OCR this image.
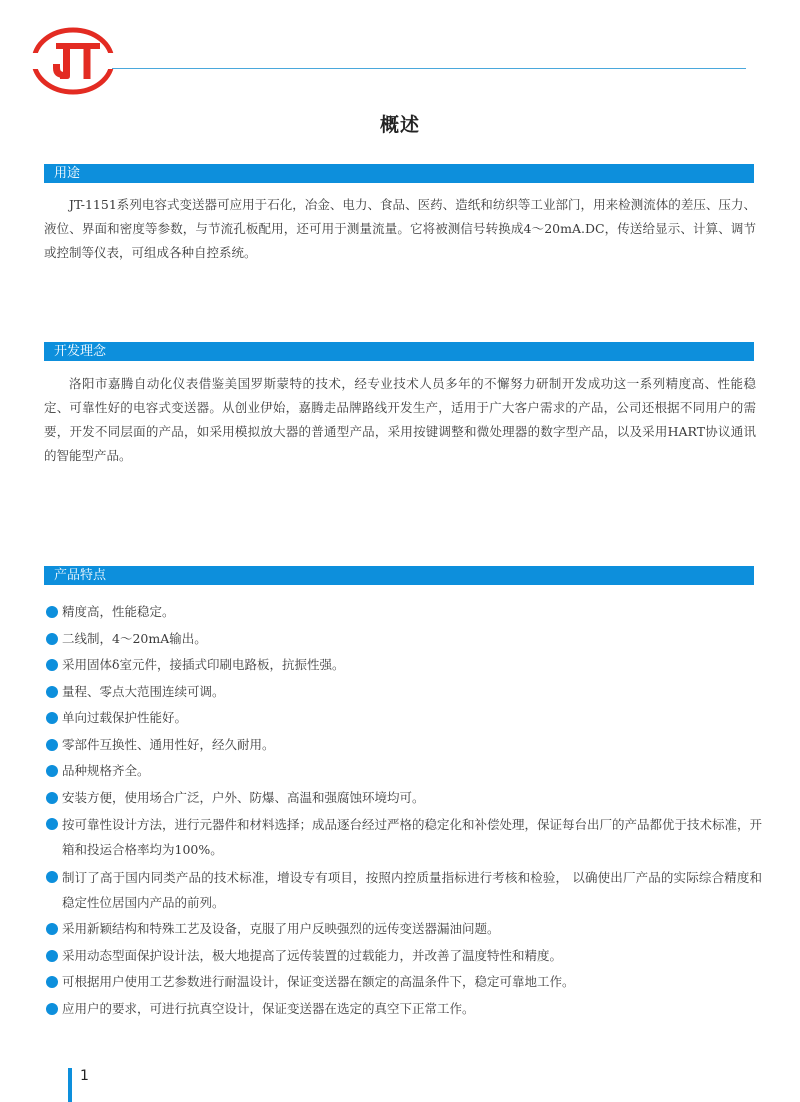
概述
用途
JT-1151系列电容式变送器可应用于石化，冶金、电力、食品、医药、造纸和纺织等工业部门，用来检测流体的差压、压力、液位、界面和密度等参数，与节流孔板配用，还可用于测量流量。它将被测信号转换成4～20mA.DC，传送给显示、计算、调节或控制等仪表，可组成各种自控系统。
开发理念
洛阳市嘉腾自动化仪表借鉴美国罗斯蒙特的技术，经专业技术人员多年的不懈努力研制开发成功这一系列精度高、性能稳定、可靠性好的电容式变送器。从创业伊始，嘉腾走品牌路线开发生产，适用于广大客户需求的产品，公司还根据不同用户的需要，开发不同层面的产品，如采用模拟放大器的普通型产品，采用按键调整和微处理器的数字型产品，以及采用HART协议通讯的智能型产品。
产品特点
精度高，性能稳定。
二线制，4～20mA输出。
采用固体δ室元件，接插式印刷电路板，抗振性强。
量程、零点大范围连续可调。
单向过载保护性能好。
零部件互换性、通用性好，经久耐用。
品种规格齐全。
安装方便，使用场合广泛，户外、防爆、高温和强腐蚀环境均可。
按可靠性设计方法，进行元器件和材料选择；成品逐台经过严格的稳定化和补偿处理，保证每台出厂的产品都优于技术标准，开箱和投运合格率均为100%。
制订了高于国内同类产品的技术标准，增设专有项目，按照内控质量指标进行考核和检验， 以确使出厂产品的实际综合精度和稳定性位居国内产品的前列。
采用新颖结构和特殊工艺及设备，克服了用户反映强烈的远传变送器漏油问题。
采用动态型面保护设计法，极大地提高了远传装置的过载能力，并改善了温度特性和精度。
可根据用户使用工艺参数进行耐温设计，保证变送器在额定的高温条件下，稳定可靠地工作。
应用户的要求，可进行抗真空设计，保证变送器在选定的真空下正常工作。
1
